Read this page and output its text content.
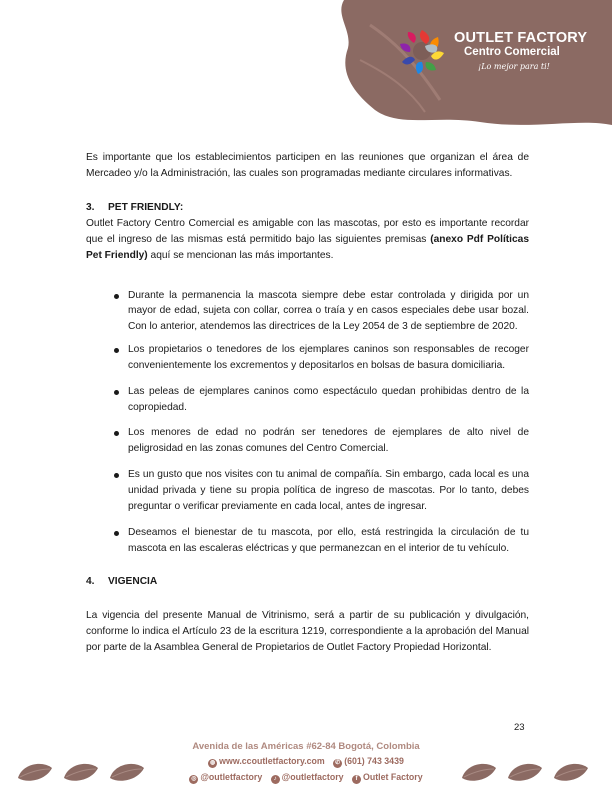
OUTLET FACTORY
Centro Comercial
¡Lo mejor para ti!

Es importante que los establecimientos participen en las reuniones que organizan el área de Mercadeo y/o la Administración, las cuales son programadas mediante circulares informativas.

3. PET FRIENDLY:

Outlet Factory Centro Comercial es amigable con las mascotas, por esto es importante recordar que el ingreso de las mismas está permitido bajo las siguientes premisas (anexo Pdf Políticas Pet Friendly) aquí se mencionan las más importantes.

Durante la permanencia la mascota siempre debe estar controlada y dirigida por un mayor de edad, sujeta con collar, correa o traía y en casos especiales debe usar bozal. Con lo anterior, atendemos las directrices de la Ley 2054 de 3 de septiembre de 2020.
Los propietarios o tenedores de los ejemplares caninos son responsables de recoger convenientemente los excrementos y depositarlos en bolsas de basura domiciliaria.
Las peleas de ejemplares caninos como espectáculo quedan prohibidas dentro de la copropiedad.
Los menores de edad no podrán ser tenedores de ejemplares de alto nivel de peligrosidad en las zonas comunes del Centro Comercial.
Es un gusto que nos visites con tu animal de compañía. Sin embargo, cada local es una unidad privada y tiene su propia política de ingreso de mascotas. Por lo tanto, debes preguntar o verificar previamente en cada local, antes de ingresar.
Deseamos el bienestar de tu mascota, por ello, está restringida la circulación de tu mascota en las escaleras eléctricas y que permanezcan en el interior de tu vehículo.

4. VIGENCIA

La vigencia del presente Manual de Vitrinismo, será a partir de su publicación y divulgación, conforme lo indica el Artículo 23 de la escritura 1219, correspondiente a la aprobación del Manual por parte de la Asamblea General de Propietarios de Outlet Factory Propiedad Horizontal.

23
Avenida de las Américas #62-84 Bogotá, Colombia
◍ www.ccoutletfactory.com ✆ (601) 743 3439
◎ @outletfactory ♪ @outletfactory f Outlet Factory
